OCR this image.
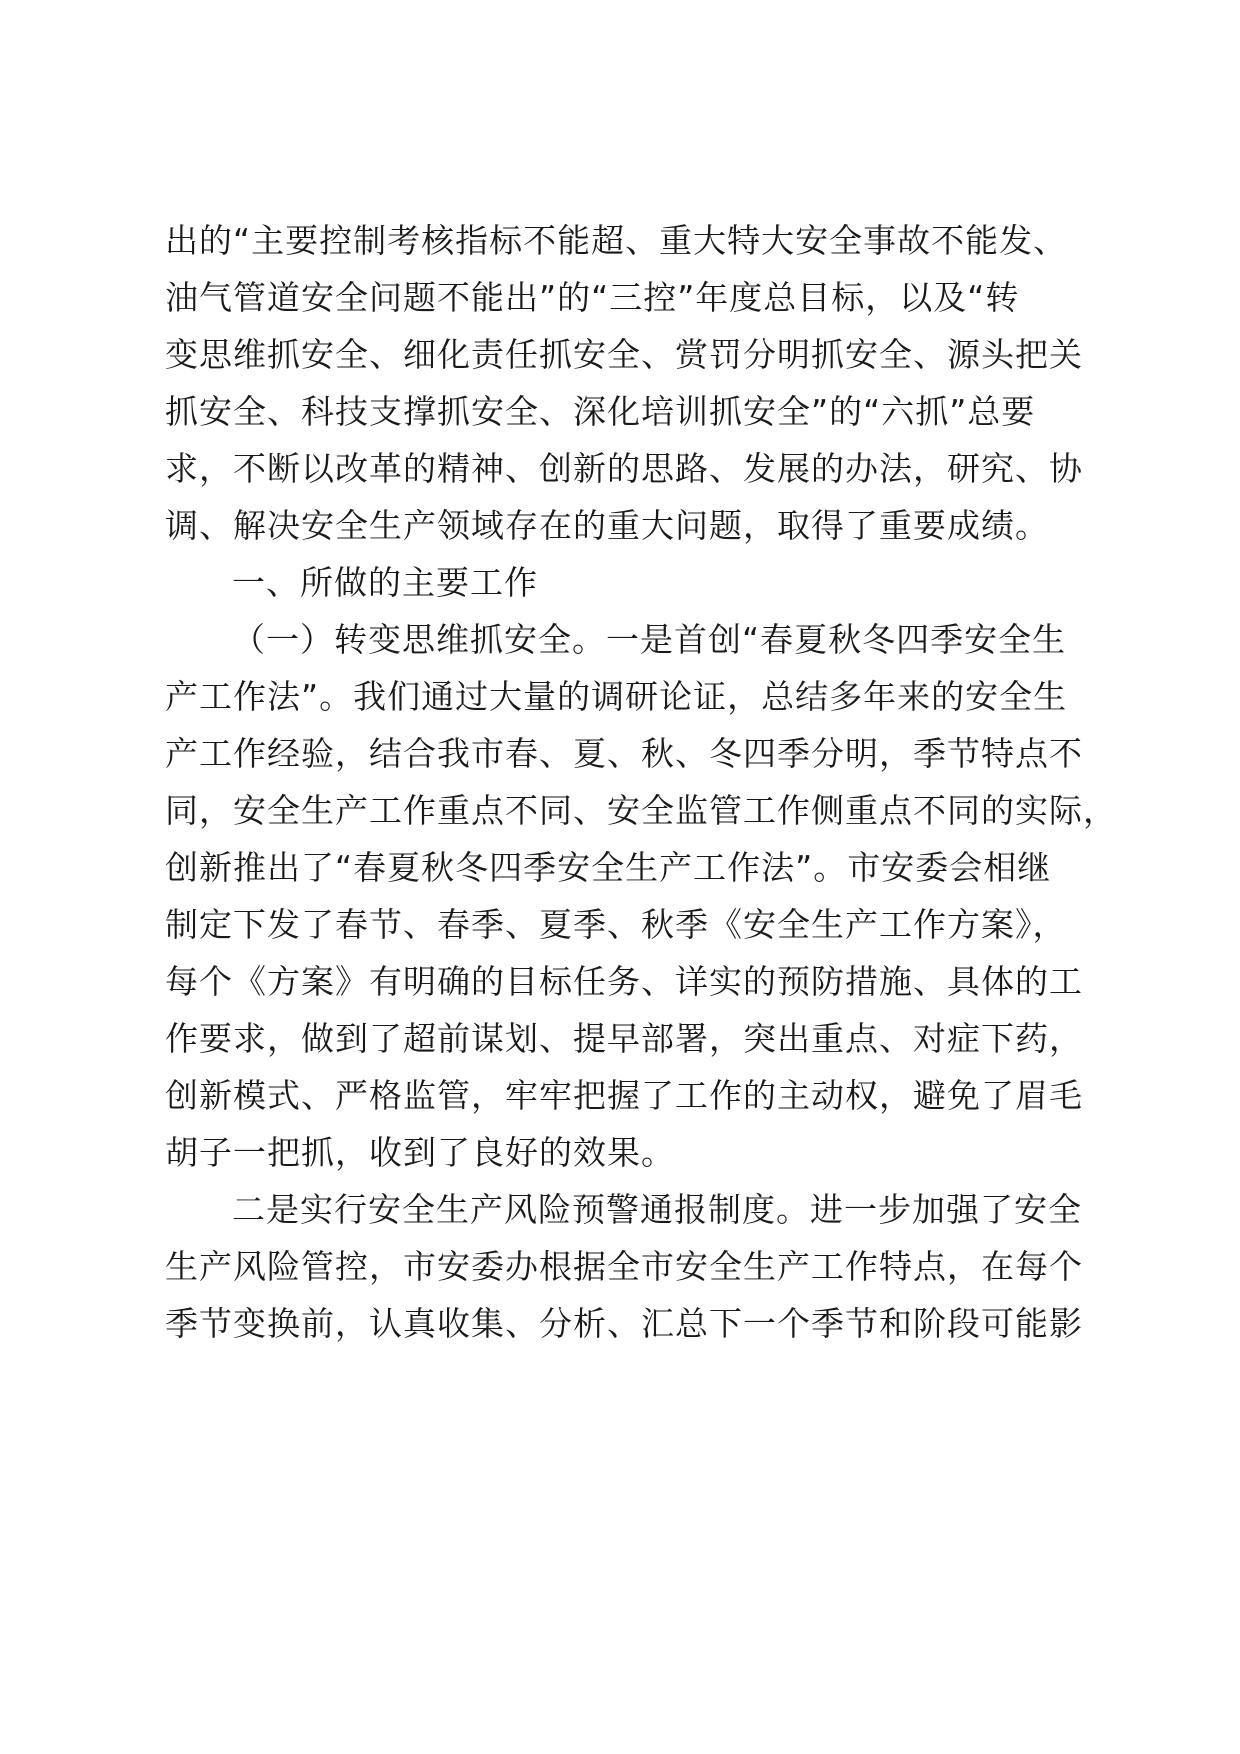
出的“主要控制考核指标不能超、重大特大安全事故不能发、
油气管道安全问题不能出”的“三控”年度总目标，以及“转
变思维抓安全、细化责任抓安全、赏罚分明抓安全、源头把关
抓安全、科技支撑抓安全、深化培训抓安全”的“六抓”总要
求，不断以改革的精神、创新的思路、发展的办法，研究、协
调、解决安全生产领域存在的重大问题，取得了重要成绩。
一、所做的主要工作
（一）转变思维抓安全。一是首创“春夏秋冬四季安全生
产工作法”。我们通过大量的调研论证，总结多年来的安全生
产工作经验，结合我市春、夏、秋、冬四季分明，季节特点不
同，安全生产工作重点不同、安全监管工作侧重点不同的实际，
创新推出了“春夏秋冬四季安全生产工作法”。市安委会相继
制定下发了春节、春季、夏季、秋季《安全生产工作方案》，
每个《方案》有明确的目标任务、详实的预防措施、具体的工
作要求，做到了超前谋划、提早部署，突出重点、对症下药，
创新模式、严格监管，牢牢把握了工作的主动权，避免了眉毛
胡子一把抓，收到了良好的效果。
二是实行安全生产风险预警通报制度。进一步加强了安全
生产风险管控，市安委办根据全市安全生产工作特点，在每个
季节变换前，认真收集、分析、汇总下一个季节和阶段可能影
